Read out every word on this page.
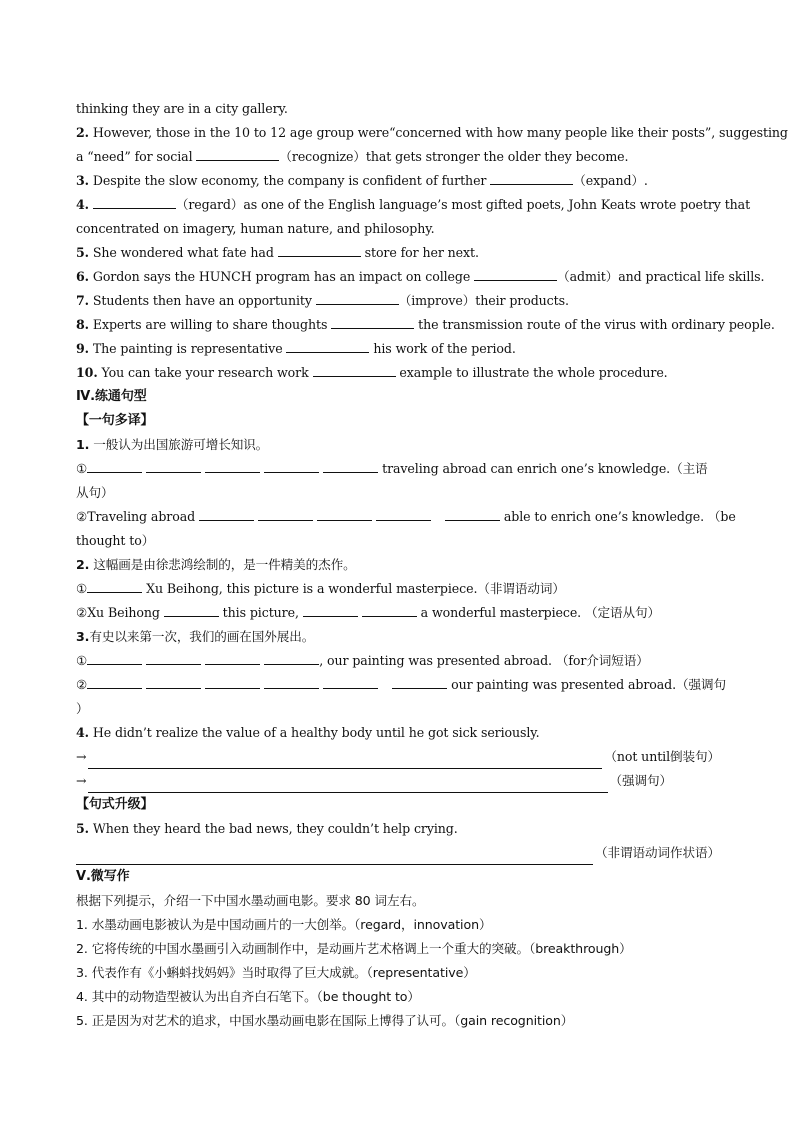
thinking they are in a city gallery.
2. However, those in the 10 to 12 age group were“concerned with how many people like their posts”, suggesting
a “need” for social	（recognize）that gets stronger the older they become.
3. Despite the slow economy, the company is confident of further	（expand）.
4.	（regard）as one of the English language’s most gifted poets, John Keats wrote poetry that
concentrated on imagery, human nature, and philosophy.
5. She wondered what fate had	store for her next.
6. Gordon says the HUNCH program has an impact on college	（admit）and practical life skills.
7. Students then have an opportunity	（improve）their products.
8. Experts are willing to share thoughts	the transmission route of the virus with ordinary people.
9. The painting is representative	his work of the period.
10. You can take your research work	example to illustrate the whole procedure.
Ⅳ.练通句型
【一句多译】
1. 一般认为出国旅游可增长知识。
①	traveling abroad can enrich one’s knowledge.（主语
从句）
②Traveling abroad	able to enrich one’s knowledge. （be
thought to）
2. 这幅画是由徐悲鸿绘制的，是一件精美的杰作。
①	Xu Beihong, this picture is a wonderful masterpiece.（非谓语动词）
②Xu Beihong	this picture,	a wonderful masterpiece. （定语从句）
3.有史以来第一次，我们的画在国外展出。
①	, our painting was presented abroad. （for介词短语）
②	our painting was presented abroad.（强调句
）
4. He didn’t realize the value of a healthy body until he got sick seriously.
→	（not until倒装句）
→	（强调句）
【句式升级】
5. When they heard the bad news, they couldn’t help crying.
（非谓语动词作状语）
Ⅴ.微写作
根据下列提示，介绍一下中国水墨动画电影。要求 80 词左右。
1. 水墨动画电影被认为是中国动画片的一大创举。（regard，innovation）
2. 它将传统的中国水墨画引入动画制作中，是动画片艺术格调上一个重大的突破。（breakthrough）
3. 代表作有《小蝌蚪找妈妈》当时取得了巨大成就。（representative）
4. 其中的动物造型被认为出自齐白石笔下。（be thought to）
5. 正是因为对艺术的追求，中国水墨动画电影在国际上博得了认可。（gain recognition）
